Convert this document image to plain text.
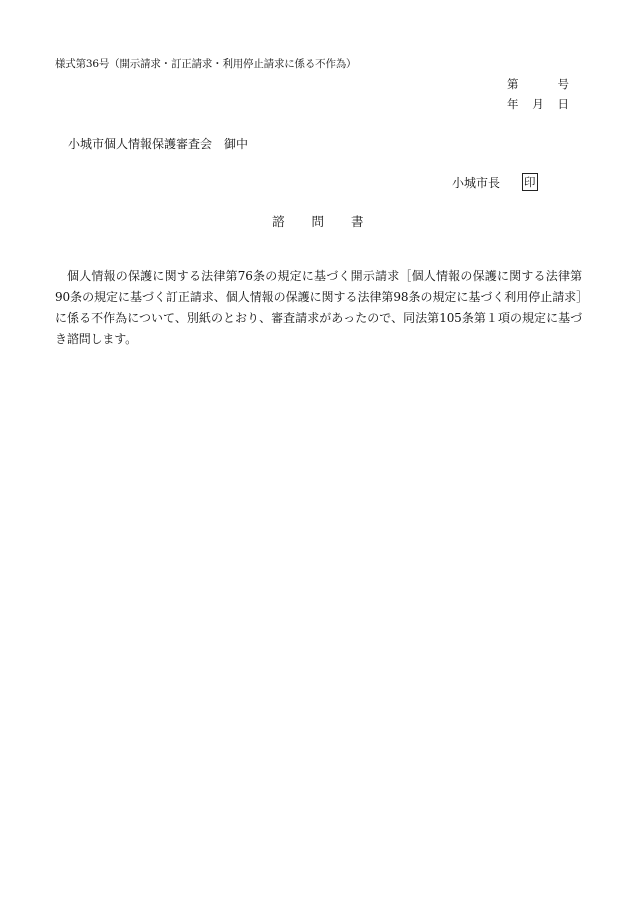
様式第36号（開示請求・訂正請求・利用停止請求に係る不作為）
第	号
年 月 日
小城市個人情報保護審査会 御中
小城市長 印
諮 問 書

個人情報の保護に関する法律第76条の規定に基づく開示請求［個人情報の保護に関する法律第90条の規定に基づく訂正請求、個人情報の保護に関する法律第98条の規定に基づく利用停止請求］に係る不作為について、別紙のとおり、審査請求があったので、同法第105条第１項の規定に基づき諮問します。
